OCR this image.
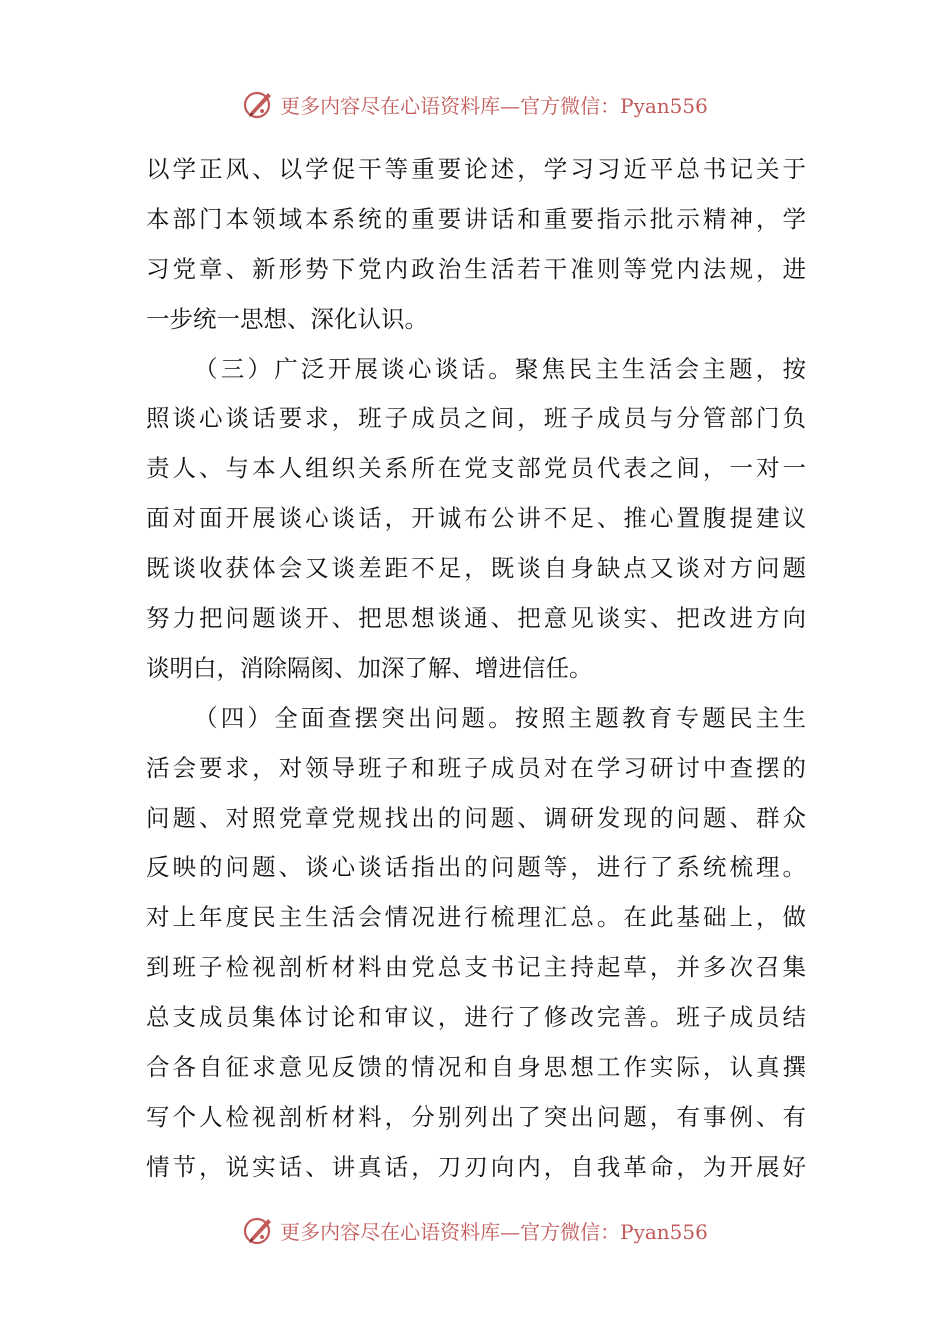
更多内容尽在心语资料库—官方微信：Pyan556
以学正风、以学促干等重要论述，学习习近平总书记关于
本部门本领域本系统的重要讲话和重要指示批示精神，学
习党章、新形势下党内政治生活若干准则等党内法规，进
一步统一思想、深化认识。
（三）广泛开展谈心谈话。聚焦民主生活会主题，按
照谈心谈话要求，班子成员之间，班子成员与分管部门负
责人、与本人组织关系所在党支部党员代表之间，一对一
面对面开展谈心谈话，开诚布公讲不足、推心置腹提建议
既谈收获体会又谈差距不足，既谈自身缺点又谈对方问题
努力把问题谈开、把思想谈通、把意见谈实、把改进方向
谈明白，消除隔阂、加深了解、增进信任。
（四）全面查摆突出问题。按照主题教育专题民主生
活会要求，对领导班子和班子成员对在学习研讨中查摆的
问题、对照党章党规找出的问题、调研发现的问题、群众
反映的问题、谈心谈话指出的问题等，进行了系统梳理。
对上年度民主生活会情况进行梳理汇总。在此基础上，做
到班子检视剖析材料由党总支书记主持起草，并多次召集
总支成员集体讨论和审议，进行了修改完善。班子成员结
合各自征求意见反馈的情况和自身思想工作实际，认真撰
写个人检视剖析材料，分别列出了突出问题，有事例、有
情节，说实话、讲真话，刀刃向内，自我革命，为开展好
更多内容尽在心语资料库—官方微信：Pyan556
